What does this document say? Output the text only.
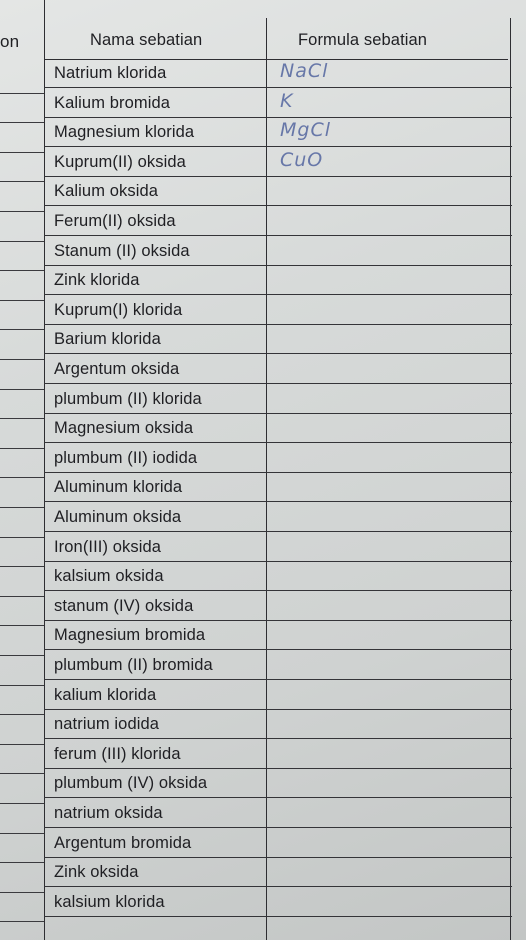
on	Nama sebatian	Formula sebatian
Natrium klorida	NaCl
Kalium bromida	K
Magnesium klorida	MgCl
Kuprum(II) oksida	CuO
Kalium oksida
Ferum(II) oksida
Stanum (II) oksida
Zink klorida
Kuprum(I) klorida
Barium klorida
Argentum oksida
plumbum (II) klorida
Magnesium oksida
plumbum (II) iodida
Aluminum klorida
Aluminum oksida
Iron(III) oksida
kalsium oksida
stanum (IV) oksida
Magnesium bromida
plumbum (II) bromida
kalium klorida
natrium iodida
ferum (III) klorida
plumbum (IV) oksida
natrium oksida
Argentum bromida
Zink oksida
kalsium klorida
